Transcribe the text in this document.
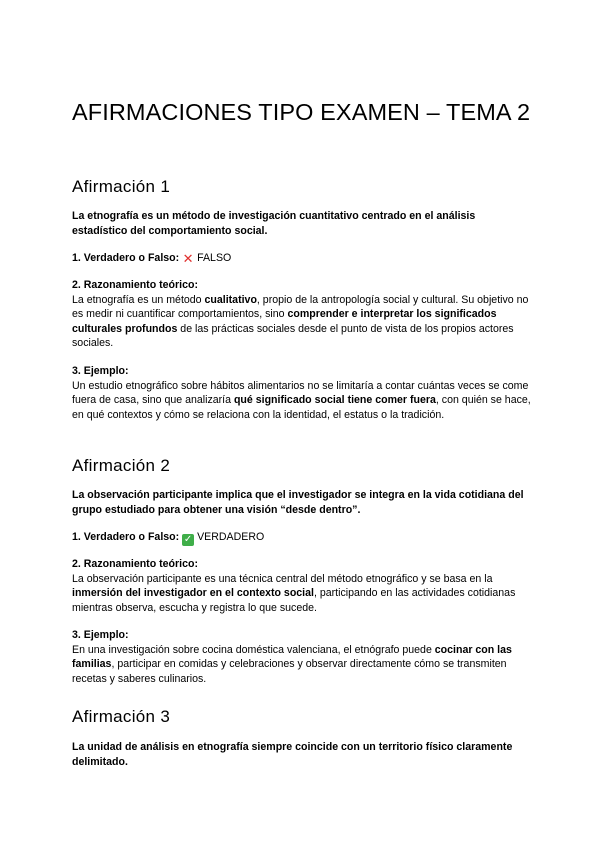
AFIRMACIONES TIPO EXAMEN – TEMA 2
Afirmación 1

La etnografía es un método de investigación cuantitativo centrado en el análisis estadístico del comportamiento social.

1. Verdadero o Falso: ✕ FALSO

2. Razonamiento teórico:
La etnografía es un método cualitativo, propio de la antropología social y cultural. Su objetivo no es medir ni cuantificar comportamientos, sino comprender e interpretar los significados culturales profundos de las prácticas sociales desde el punto de vista de los propios actores sociales.

3. Ejemplo:
Un estudio etnográfico sobre hábitos alimentarios no se limitaría a contar cuántas veces se come fuera de casa, sino que analizaría qué significado social tiene comer fuera, con quién se hace, en qué contextos y cómo se relaciona con la identidad, el estatus o la tradición.

Afirmación 2

La observación participante implica que el investigador se integra en la vida cotidiana del grupo estudiado para obtener una visión “desde dentro”.

1. Verdadero o Falso: ✓ VERDADERO

2. Razonamiento teórico:
La observación participante es una técnica central del método etnográfico y se basa en la inmersión del investigador en el contexto social, participando en las actividades cotidianas mientras observa, escucha y registra lo que sucede.

3. Ejemplo:
En una investigación sobre cocina doméstica valenciana, el etnógrafo puede cocinar con las familias, participar en comidas y celebraciones y observar directamente cómo se transmiten recetas y saberes culinarios.

Afirmación 3

La unidad de análisis en etnografía siempre coincide con un territorio físico claramente delimitado.
